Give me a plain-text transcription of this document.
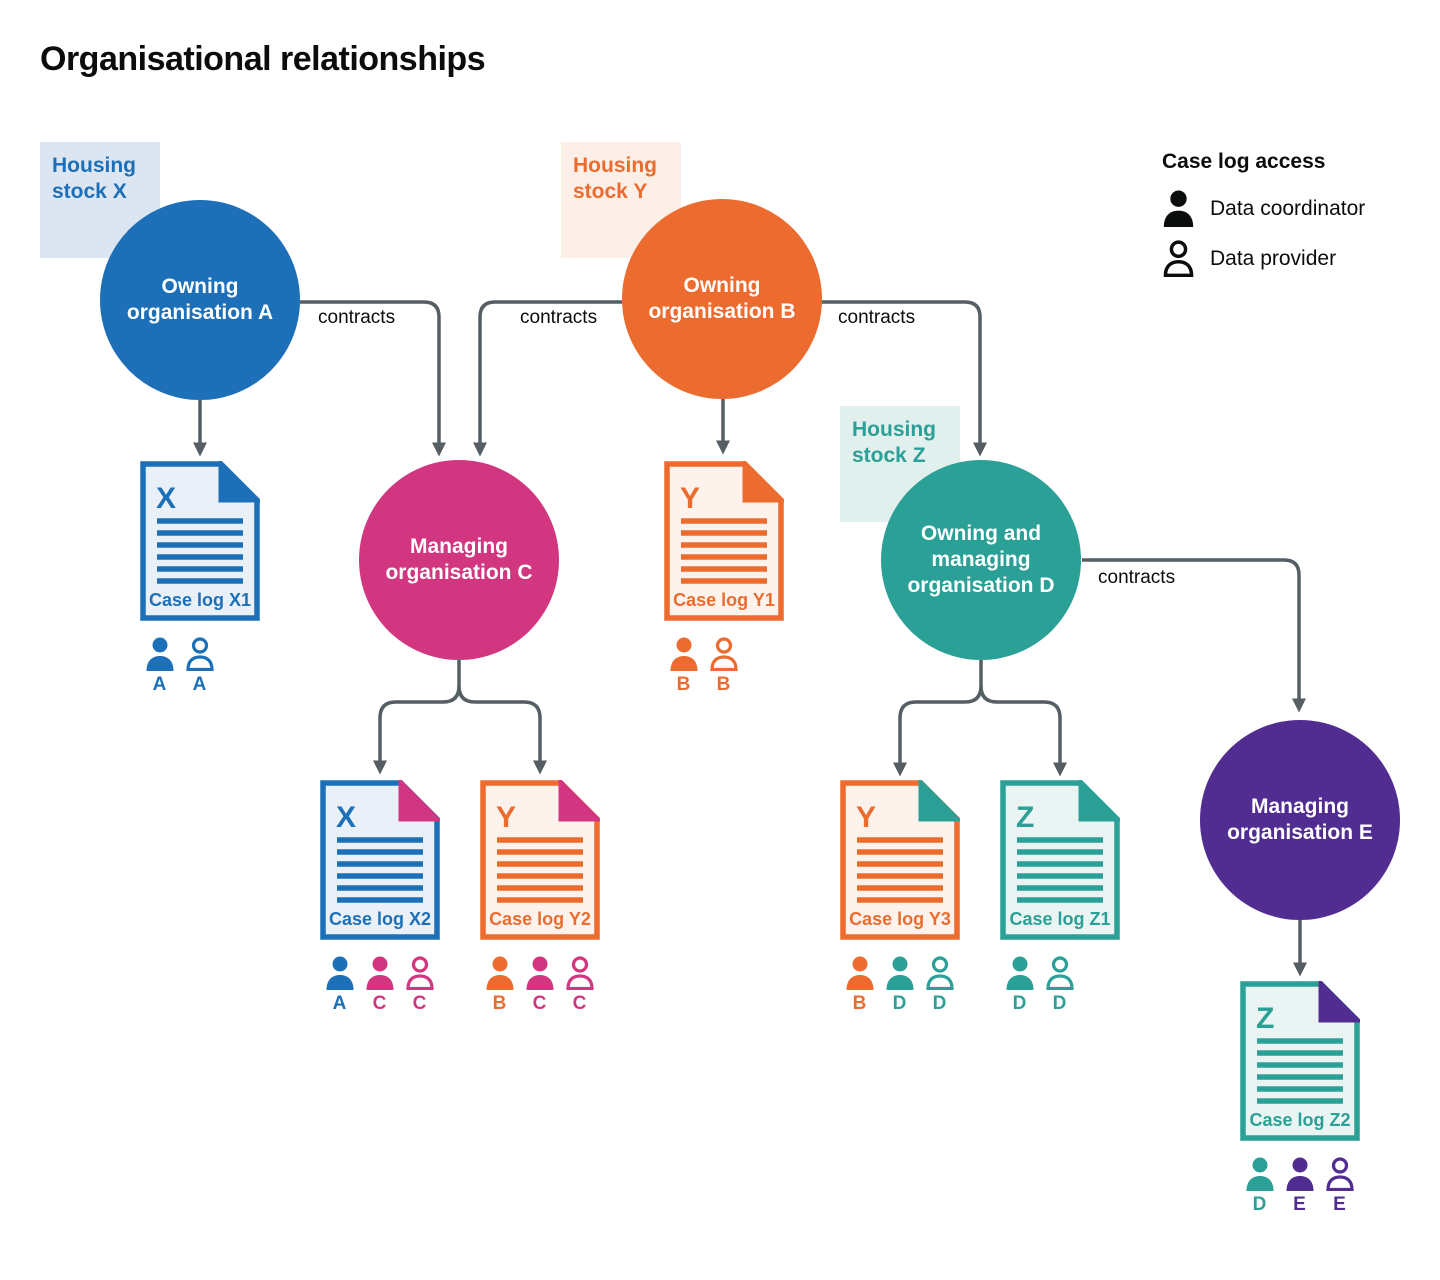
Organisational relationships
Housing stock X
Housing stock Y
Housing stock Z
Owning organisation A
Owning organisation B
Managing organisation C
Owning and managing organisation D
Managing organisation E
contracts	contracts	contracts
contracts
X
Case log X1
A A
Y
Case log Y1
B B
X
Case log X2
A C C
Y
Case log Y2
B C C
Y
Case log Y3
B D D
Z
Case log Z1
D D	Z
Case log Z2
D E E

Case log access

Data coordinator
Data provider
